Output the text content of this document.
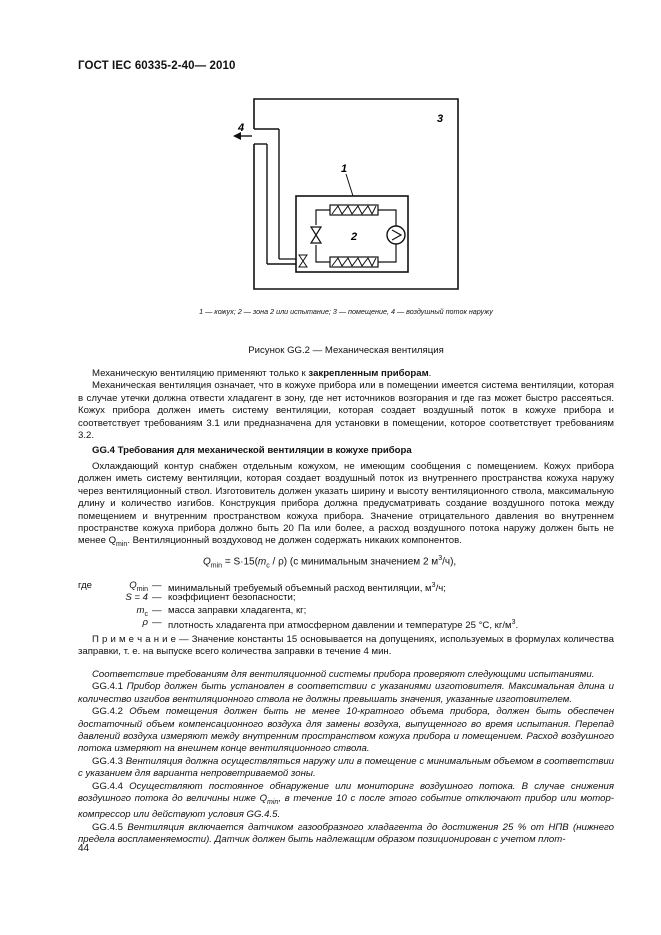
ГОСТ IEC 60335-2-40— 2010
4
3
1
2
1 — кожух; 2 — зона 2 или испытание; 3 — помещение, 4 — воздушный поток наружу
Рисунок GG.2 — Механическая вентиляция

Механическую вентиляцию применяют только к закрепленным приборам.

Механическая вентиляция означает, что в кожухе прибора или в помещении имеется система вентиляции, которая в случае утечки должна отвести хладагент в зону, где нет источников возгорания и где газ может быстро рассеяться. Кожух прибора должен иметь систему вентиляции, которая создает воздушный поток в кожухе прибора и соответствует требованиям 3.1 или предназначена для установки в помещении, которое соответствует требованиям 3.2.

GG.4 Требования для механической вентиляции в кожухе прибора

Охлаждающий контур снабжен отдельным кожухом, не имеющим сообщения с помещением. Кожух прибора должен иметь систему вентиляции, которая создает воздушный поток из внутреннего пространства кожуха наружу через вентиляционный ствол. Изготовитель должен указать ширину и высоту вентиляционного ствола, максимальную длину и количество изгибов. Конструкция прибора должна предусматривать создание воздушного потока между помещением и внутренним пространством кожуха прибора. Значение отрицательного давления во внутреннем пространстве кожуха прибора должно быть 20 Па или более, а расход воздушного потока наружу должен быть не менее $Q_{min}$. Вентиляционный воздуховод не должен содержать никаких компонентов.

$Q_{min} = S\cdot 15(m_c / \rho)$ (с минимальным значением 2 $м^3/ч$),
где	$Q_{min}$ — минимальный требуемый объемный расход вентиляции, $м^3/ч$;
S = 4 — коэффициент безопасности;
$m_c$ — масса заправки хладагента, кг;
ρ — плотность хладагента при атмосферном давлении и температуре 25 °С, $кг/м^3$.

П р и м е ч а н и е — Значение константы 15 основывается на допущениях, используемых в формулах количества заправки, т. е. на выпуске всего количества заправки в течение 4 мин.

Соответствие требованиям для вентиляционной системы прибора проверяют следующими испытаниями.

GG.4.1 Прибор должен быть установлен в соответствии с указаниями изготовителя. Максимальная длина и количество изгибов вентиляционного ствола не должны превышать значения, указанные изготовителем.

GG.4.2 Объем помещения должен быть не менее 10-кратного объема прибора, должен быть обеспечен достаточный объем компенсационного воздуха для замены воздуха, выпущенного во время испытания. Перепад давлений воздуха измеряют между внутренним пространством кожуха прибора и помещением. Расход воздушного потока измеряют на внешнем конце вентиляционного ствола.

GG.4.3 Вентиляция должна осуществляться наружу или в помещение с минимальным объемом в соответствии с указанием для варианта непроветриваемой зоны.

GG.4.4 Осуществляют постоянное обнаружение или мониторинг воздушного потока. В случае снижения воздушного потока до величины ниже $Q_{min}$, в течение 10 с после этого событие отключают прибор или мотор-компрессор или действуют условия GG.4.5.

GG.4.5 Вентиляция включается датчиком газообразного хладагента до достижения 25 % от НПВ (нижнего предела воспламеняемости). Датчик должен быть надлежащим образом позиционирован с учетом плот-

44
